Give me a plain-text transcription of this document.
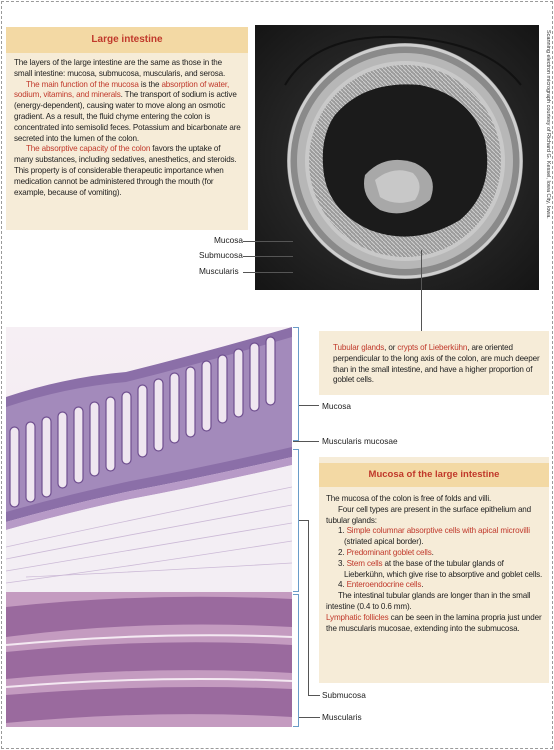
Large intestine

The layers of the large intestine are the same as those in the small intestine: mucosa, submucosa, muscularis, and serosa.

The main function of the mucosa is the absorption of water, sodium, vitamins, and minerals. The transport of sodium is active (energy-dependent), causing water to move along an osmotic gradient. As a result, the fluid chyme entering the colon is concentrated into semisolid feces. Potassium and bicarbonate are secreted into the lumen of the colon.

The absorptive capacity of the colon favors the uptake of many substances, including sedatives, anesthetics, and steroids. This property is of considerable therapeutic importance when medication cannot be administered through the mouth (for example, because of vomiting).	Scanning electron micrograph courtesy of Richard G. Kessel, Iowa City, Iowa.
Mucosa
Submucosa
Muscularis
Tubular glands, or crypts of Lieberkühn, are oriented perpendicular to the long axis of the colon, are much deeper than in the small intestine, and have a higher proportion of goblet cells.
Mucosa
Muscularis mucosae
Submucosa
Muscularis
Mucosa of the large intestine

The mucosa of the colon is free of folds and villi.

Four cell types are present in the surface epithelium and tubular glands:

1. Simple columnar absorptive cells with apical microvilli (striated apical border).

2. Predominant goblet cells.

3. Stem cells at the base of the tubular glands of Lieberkühn, which give rise to absorptive and goblet cells.

4. Enteroendocrine cells.

The intestinal tubular glands are longer than in the small intestine (0.4 to 0.6 mm).

Lymphatic follicles can be seen in the lamina propria just under the muscularis mucosae, extending into the submucosa.
